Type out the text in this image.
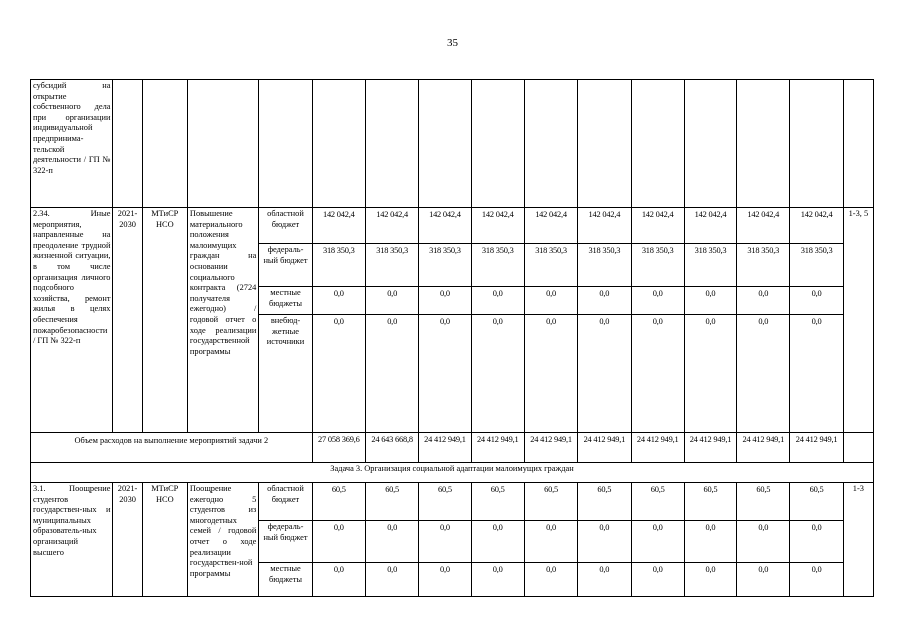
35
субсидий на открытие собственного дела при организации индивидуальной предпринима-тельской деятельности / ГП № 322-п															
2.34. Иные мероприятия, направленные на преодоление трудной жизненной ситуации, в том числе организация личного подсобного хозяйства, ремонт жилья в целях обеспечения пожаробезопасности / ГП № 322-п	2021-2030	МТиСР НСО	Повышение материального положения малоимущих граждан на основании социального контракта (2724 получателя ежегодно) / годовой отчет о ходе реализации государственной программы	областной бюджет	142 042,4	142 042,4	142 042,4	142 042,4	142 042,4	142 042,4	142 042,4	142 042,4	142 042,4	142 042,4	1-3, 5
				федераль-ный бюджет	318 350,3	318 350,3	318 350,3	318 350,3	318 350,3	318 350,3	318 350,3	318 350,3	318 350,3	318 350,3	
				местные бюджеты	0,0	0,0	0,0	0,0	0,0	0,0	0,0	0,0	0,0	0,0	
				внебюд-жетные источники	0,0	0,0	0,0	0,0	0,0	0,0	0,0	0,0	0,0	0,0	
Объем расходов на выполнение мероприятий задачи 2					27 058 369,6	24 643 668,8	24 412 949,1	24 412 949,1	24 412 949,1	24 412 949,1	24 412 949,1	24 412 949,1	24 412 949,1	24 412 949,1	
Задача 3. Организация социальной адаптации малоимущих граждан															
3.1. Поощрение студентов государствен-ных и муниципальных образователь-ных организаций высшего	2021-2030	МТиСР НСО	Поощрение ежегодно 5 студентов из многодетных семей / годовой отчет о ходе реализации государствен-ной программы	областной бюджет	60,5	60,5	60,5	60,5	60,5	60,5	60,5	60,5	60,5	60,5	1-3
				федераль-ный бюджет	0,0	0,0	0,0	0,0	0,0	0,0	0,0	0,0	0,0	0,0	
				местные бюджеты	0,0	0,0	0,0	0,0	0,0	0,0	0,0	0,0	0,0	0,0	
